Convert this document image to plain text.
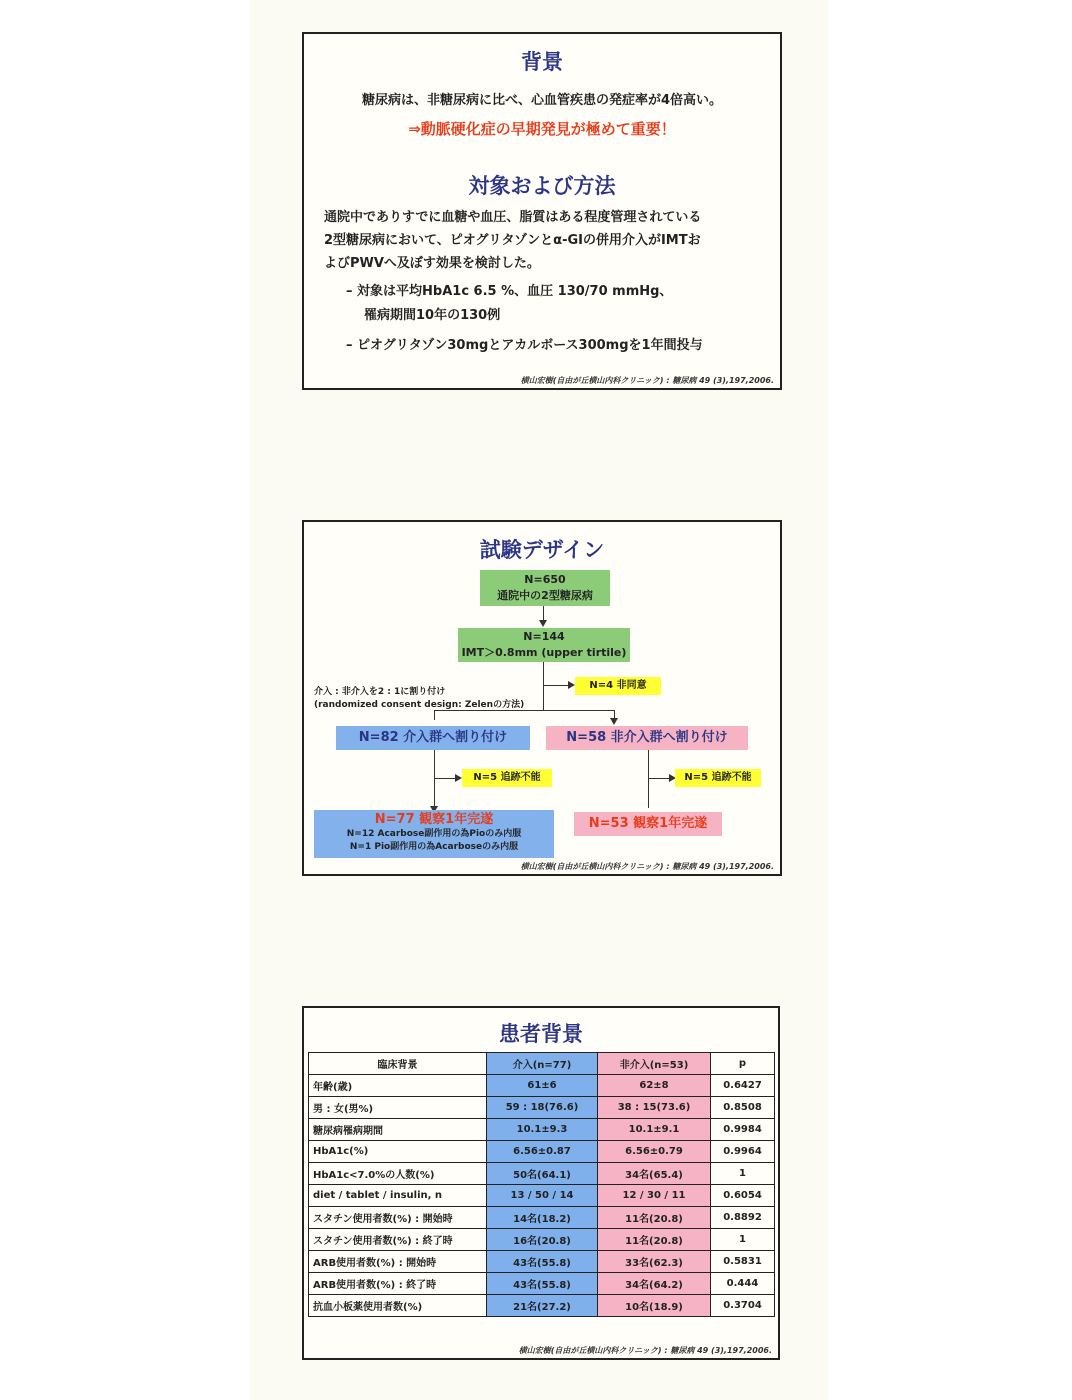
背景
糖尿病は、非糖尿病に比べ、心血管疾患の発症率が4倍高い。
⇒動脈硬化症の早期発見が極めて重要！
対象および方法
通院中でありすでに血糖や血圧、脂質はある程度管理されている
2型糖尿病において、ピオグリタゾンとα-GIの併用介入がIMTお
よびPWVへ及ぼす効果を検討した。
– 対象は平均HbA1c 6.5 %、血圧 130/70 mmHg、
罹病期間10年の130例
– ピオグリタゾン30mgとアカルボース300mgを1年間投与
横山宏樹(自由が丘横山内科クリニック) : 糖尿病 49 (3),197,2006.
試験デザイン
N=650
通院中の2型糖尿病
N=144
IMT＞0.8mm (upper tirtile)
N=4 非同意
介入 : 非介入を2 : 1に割り付け
(randomized consent design: Zelenの方法)
N=82 介入群へ割り付け	N=58 非介入群へ割り付け
N=5 追跡不能	N=5 追跡不能
N=77 観察1年完遂
N=12 Acarbose副作用の為Pioのみ内服
N=1 Pio副作用の為Acarboseのみ内服
N=53 観察1年完遂
横山宏樹(自由が丘横山内科クリニック) : 糖尿病 49 (3),197,2006.
患者背景
臨床背景	介入(n=77)	非介入(n=53)	p
年齢(歳)	61±6	62±8	0.6427
男 : 女(男%)	59 : 18(76.6)	38 : 15(73.6)	0.8508
糖尿病罹病期間	10.1±9.3	10.1±9.1	0.9984
HbA1c(%)	6.56±0.87	6.56±0.79	0.9964
HbA1c<7.0%の人数(%)	50名(64.1)	34名(65.4)	1
diet / tablet / insulin, n	13 / 50 / 14	12 / 30 / 11	0.6054
スタチン使用者数(%) : 開始時	14名(18.2)	11名(20.8)	0.8892
スタチン使用者数(%) : 終了時	16名(20.8)	11名(20.8)	1
ARB使用者数(%) : 開始時	43名(55.8)	33名(62.3)	0.5831
ARB使用者数(%) : 終了時	43名(55.8)	34名(64.2)	0.444
抗血小板薬使用者数(%)	21名(27.2)	10名(18.9)	0.3704
横山宏樹(自由が丘横山内科クリニック) : 糖尿病 49 (3),197,2006.
